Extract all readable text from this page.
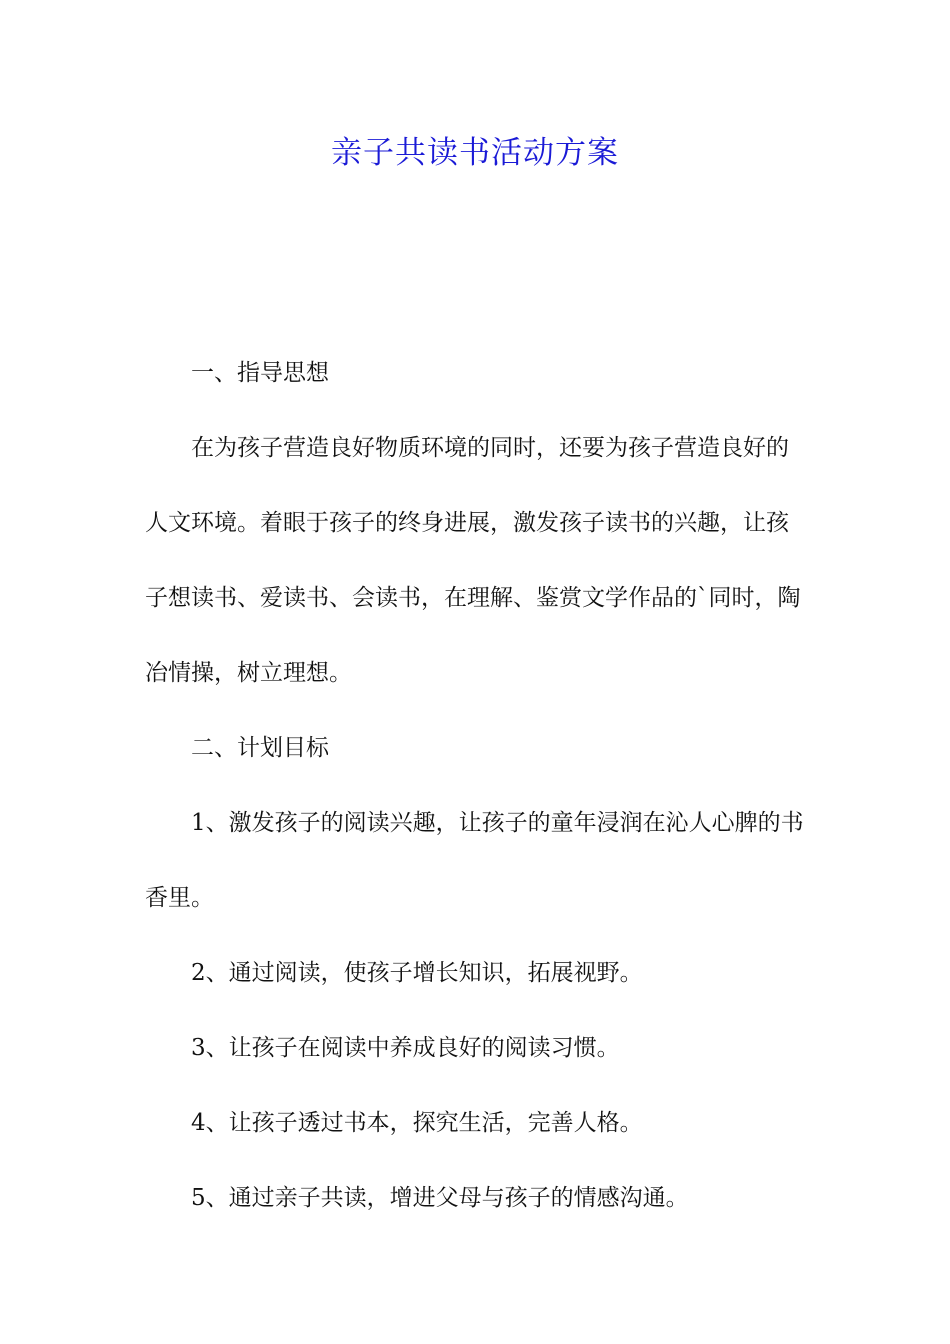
亲子共读书活动方案

一、指导思想

在为孩子营造良好物质环境的同时，还要为孩子营造良好的人文环境。着眼于孩子的终身进展，激发孩子读书的兴趣，让孩子想读书、爱读书、会读书，在理解、鉴赏文学作品的`同时，陶冶情操，树立理想。

二、计划目标

1、激发孩子的阅读兴趣，让孩子的童年浸润在沁人心脾的书香里。

2、通过阅读，使孩子增长知识，拓展视野。

3、让孩子在阅读中养成良好的阅读习惯。

4、让孩子透过书本，探究生活，完善人格。

5、通过亲子共读，增进父母与孩子的情感沟通。
